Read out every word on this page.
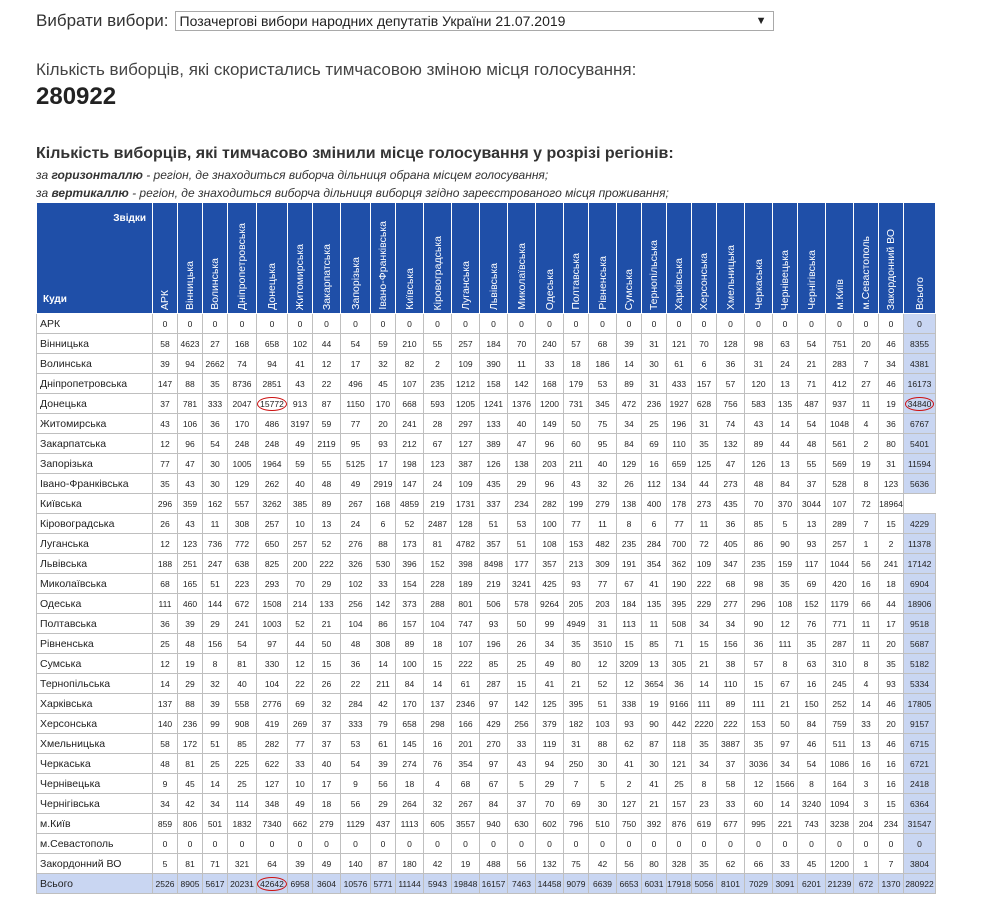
Вибрати вибори: Позачергові вибори народних депутатів України 21.07.2019	▼
Кількість виборців, які скористались тимчасовою зміною місця голосування:
280922
Кількість виборців, які тимчасово змінили місце голосування у розрізі регіонів:
за горизонталлю - регіон, де знаходиться виборча дільниця обрана місцем голосування;
за вертикаллю - регіон, де знаходиться виборча дільниця виборця згідно зареєстрованого місця проживання;
Звідки
Куди	АРК	Вінницька	Волинська	Дніпропетровська	Донецька	Житомирська	Закарпатська	Запорізька	Івано-Франківська	Київська	Кіровоградська	Луганська	Львівська	Миколаївська	Одеська	Полтавська	Рівненська	Сумська	Тернопільська	Харківська	Херсонська	Хмельницька	Черкаська	Чернівецька	Чернігівська	м.Київ	м.Севастополь	Закордонний ВО	Всього
АРК	0	0	0	0	0	0	0	0	0	0	0	0	0	0	0	0	0	0	0	0	0	0	0	0	0	0	0	0	0
Вінницька	58	4623	27	168	658	102	44	54	59	210	55	257	184	70	240	57	68	39	31	121	70	128	98	63	54	751	20	46	8355
Волинська	39	94	2662	74	94	41	12	17	32	82	2	109	390	11	33	18	186	14	30	61	6	36	31	24	21	283	7	34	4381
Дніпропетровська	147	88	35	8736	2851	43	22	496	45	107	235	1212	158	142	168	179	53	89	31	433	157	57	120	13	71	412	27	46	16173
Донецька	37	781	333	2047	15772	913	87	1150	170	668	593	1205	1241	1376	1200	731	345	472	236	1927	628	756	583	135	487	937	11	19	34840
Житомирська	43	106	36	170	486	3197	59	77	20	241	28	297	133	40	149	50	75	34	25	196	31	74	43	14	54	1048	4	36	6767
Закарпатська	12	96	54	248	248	49	2119	95	93	212	67	127	389	47	96	60	95	84	69	110	35	132	89	44	48	561	2	80	5401
Запорізька	77	47	30	1005	1964	59	55	5125	17	198	123	387	126	138	203	211	40	129	16	659	125	47	126	13	55	569	19	31	11594
Івано-Франківська	35	43	30	129	262	40	48	49	2919	147	24	109	435	29	96	43	32	26	112	134	44	273	48	84	37	528	8	123	5636
Київська	296	359	162	557	3262	385	89	267	168	4859	219	1731	337	234	282	199	279	138	400	178	273	435	70	370	3044	107	72	18964	
Кіровоградська	26	43	11	308	257	10	13	24	6	52	2487	128	51	53	100	77	11	8	6	77	11	36	85	5	13	289	7	15	4229
Луганська	12	123	736	772	650	257	52	276	88	173	81	4782	357	51	108	153	482	235	284	700	72	405	86	90	93	257	1	2	11378
Львівська	188	251	247	638	825	200	222	326	530	396	152	398	8498	177	357	213	309	191	354	362	109	347	235	159	117	1044	56	241	17142
Миколаївська	68	165	51	223	293	70	29	102	33	154	228	189	219	3241	425	93	77	67	41	190	222	68	98	35	69	420	16	18	6904
Одеська	111	460	144	672	1508	214	133	256	142	373	288	801	506	578	9264	205	203	184	135	395	229	277	296	108	152	1179	66	44	18906
Полтавська	36	39	29	241	1003	52	21	104	86	157	104	747	93	50	99	4949	31	113	11	508	34	34	90	12	76	771	11	17	9518
Рівненська	25	48	156	54	97	44	50	48	308	89	18	107	196	26	34	35	3510	15	85	71	15	156	36	111	35	287	11	20	5687
Сумська	12	19	8	81	330	12	15	36	14	100	15	222	85	25	49	80	12	3209	13	305	21	38	57	8	63	310	8	35	5182
Тернопільська	14	29	32	40	104	22	26	22	211	84	14	61	287	15	41	21	52	12	3654	36	14	110	15	67	16	245	4	93	5334
Харківська	137	88	39	558	2776	69	32	284	42	170	137	2346	97	142	125	395	51	338	19	9166	111	89	111	21	150	252	14	46	17805
Херсонська	140	236	99	908	419	269	37	333	79	658	298	166	429	256	379	182	103	93	90	442	2220	222	153	50	84	759	33	20	9157
Хмельницька	58	172	51	85	282	77	37	53	61	145	16	201	270	33	119	31	88	62	87	118	35	3887	35	97	46	511	13	46	6715
Черкаська	48	81	25	225	622	33	40	54	39	274	76	354	97	43	94	250	30	41	30	121	34	37	3036	34	54	1086	16	16	6721
Чернівецька	9	45	14	25	127	10	17	9	56	18	4	68	67	5	29	7	5	2	41	25	8	58	12	1566	8	164	3	16	2418
Чернігівська	34	42	34	114	348	49	18	56	29	264	32	267	84	37	70	69	30	127	21	157	23	33	60	14	3240	1094	3	15	6364
м.Київ	859	806	501	1832	7340	662	279	1129	437	1113	605	3557	940	630	602	796	510	750	392	876	619	677	995	221	743	3238	204	234	31547
м.Севастополь	0	0	0	0	0	0	0	0	0	0	0	0	0	0	0	0	0	0	0	0	0	0	0	0	0	0	0	0	0
Закордонний ВО	5	81	71	321	64	39	49	140	87	180	42	19	488	56	132	75	42	56	80	328	35	62	66	33	45	1200	1	7	3804
Всього	2526	8905	5617	20231	42642	6958	3604	10576	5771	11144	5943	19848	16157	7463	14458	9079	6639	6653	6031	17918	5056	8101	7029	3091	6201	21239	672	1370	280922
